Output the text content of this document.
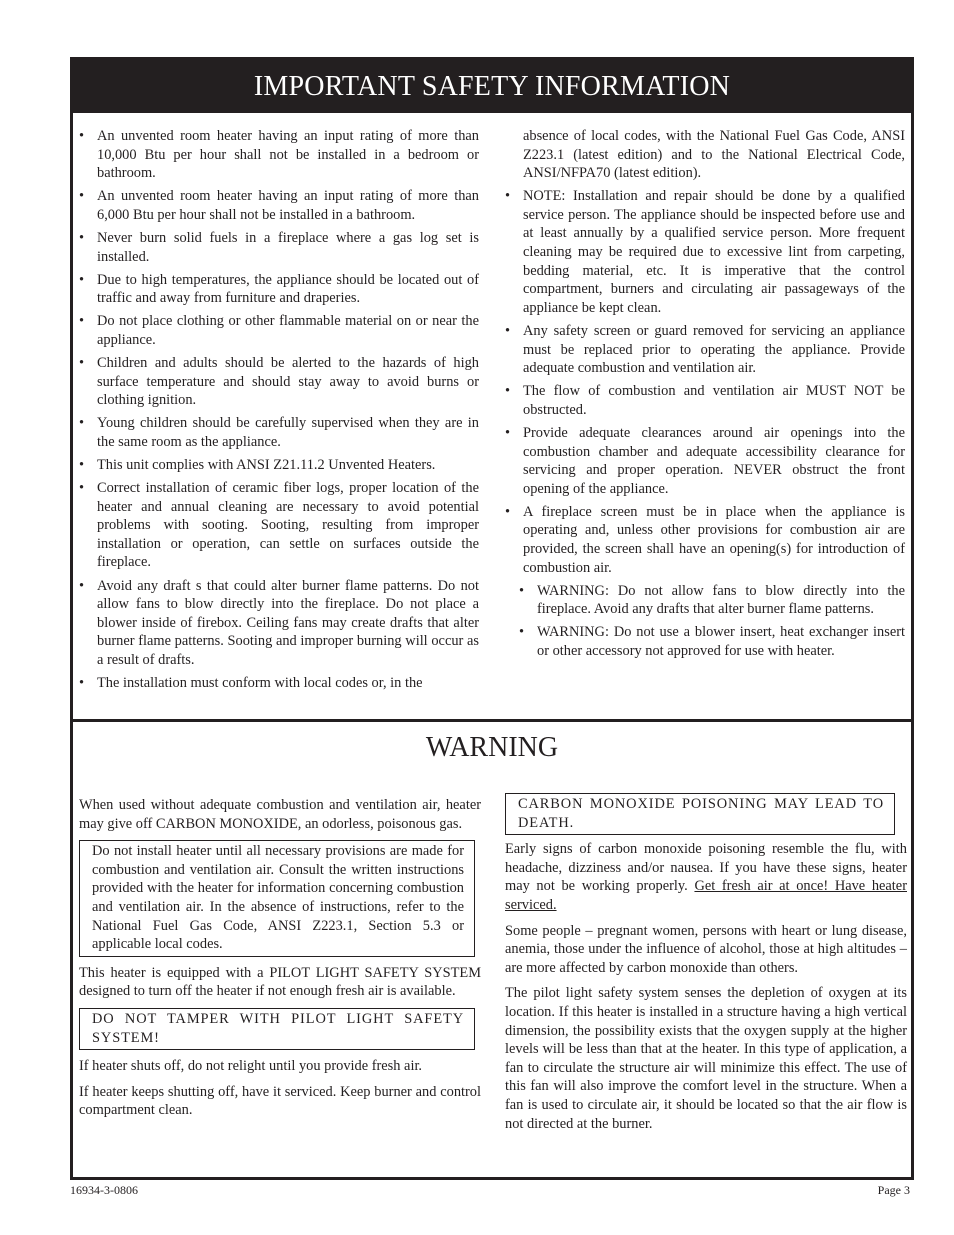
IMPORTANT SAFETY INFORMATION
• An unvented room heater having an input rating of more than 10,000 Btu per hour shall not be installed in a bedroom or bathroom.
• An unvented room heater having an input rating of more than 6,000 Btu per hour shall not be installed in a bathroom.
• Never burn solid fuels in a fireplace where a gas log set is installed.
• Due to high temperatures, the appliance should be located out of traffic and away from furniture and draperies.
• Do not place clothing or other flammable material on or near the appliance.
• Children and adults should be alerted to the hazards of high surface temperature and should stay away to avoid burns or clothing ignition.
• Young children should be carefully supervised when they are in the same room as the appliance.
• This unit complies with ANSI Z21.11.2 Unvented Heaters.
• Correct installation of ceramic fiber logs, proper location of the heater and annual cleaning are necessary to avoid potential problems with sooting. Sooting, resulting from improper installation or operation, can settle on surfaces outside the fireplace.
• Avoid any draft s that could alter burner flame patterns. Do not allow fans to blow directly into the fireplace. Do not place a blower inside of firebox. Ceiling fans may create drafts that alter burner flame patterns. Sooting and improper burning will occur as a result of drafts.
• The installation must conform with local codes or, in the
absence of local codes, with the National Fuel Gas Code, ANSI Z223.1 (latest edition) and to the National Electrical Code, ANSI/NFPA70 (latest edition).
• NOTE: Installation and repair should be done by a qualified service person. The appliance should be inspected before use and at least annually by a qualified service person. More frequent cleaning may be required due to excessive lint from carpeting, bedding material, etc. It is imperative that the control compartment, burners and circulating air passageways of the appliance be kept clean.
• Any safety screen or guard removed for servicing an appliance must be replaced prior to operating the appliance. Provide adequate combustion and ventilation air.
• The flow of combustion and ventilation air MUST NOT be obstructed.
• Provide adequate clearances around air openings into the combustion chamber and adequate accessibility clearance for servicing and proper operation. NEVER obstruct the front opening of the appliance.
• A fireplace screen must be in place when the appliance is operating and, unless other provisions for combustion air are provided, the screen shall have an opening(s) for introduction of combustion air.
• WARNING: Do not allow fans to blow directly into the fireplace. Avoid any drafts that alter burner flame patterns.
• WARNING: Do not use a blower insert, heat exchanger insert or other accessory not approved for use with heater.
WARNING

When used without adequate combustion and ventilation air, heater may give off CARBON MONOXIDE, an odorless, poisonous gas.

Do not install heater until all necessary provisions are made for combustion and ventilation air. Consult the written instructions provided with the heater for information concerning combustion and ventilation air. In the absence of instructions, refer to the National Fuel Gas Code, ANSI Z223.1, Section 5.3 or applicable local codes.

This heater is equipped with a PILOT LIGHT SAFETY SYSTEM designed to turn off the heater if not enough fresh air is available.

DO NOT TAMPER WITH PILOT LIGHT SAFETY SYSTEM!

If heater shuts off, do not relight until you provide fresh air.

If heater keeps shutting off, have it serviced. Keep burner and control compartment clean.

CARBON MONOXIDE POISONING MAY LEAD TO DEATH.

Early signs of carbon monoxide poisoning resemble the flu, with headache, dizziness and/or nausea. If you have these signs, heater may not be working properly. Get fresh air at once! Have heater serviced.

Some people – pregnant women, persons with heart or lung disease, anemia, those under the influence of alcohol, those at high altitudes – are more affected by carbon monoxide than others.

The pilot light safety system senses the depletion of oxygen at its location. If this heater is installed in a structure having a high vertical dimension, the possibility exists that the oxygen supply at the higher levels will be less than that at the heater. In this type of application, a fan to circulate the structure air will minimize this effect. The use of this fan will also improve the comfort level in the structure. When a fan is used to circulate air, it should be located so that the air flow is not directed at the burner.

16934-3-0806	Page 3
